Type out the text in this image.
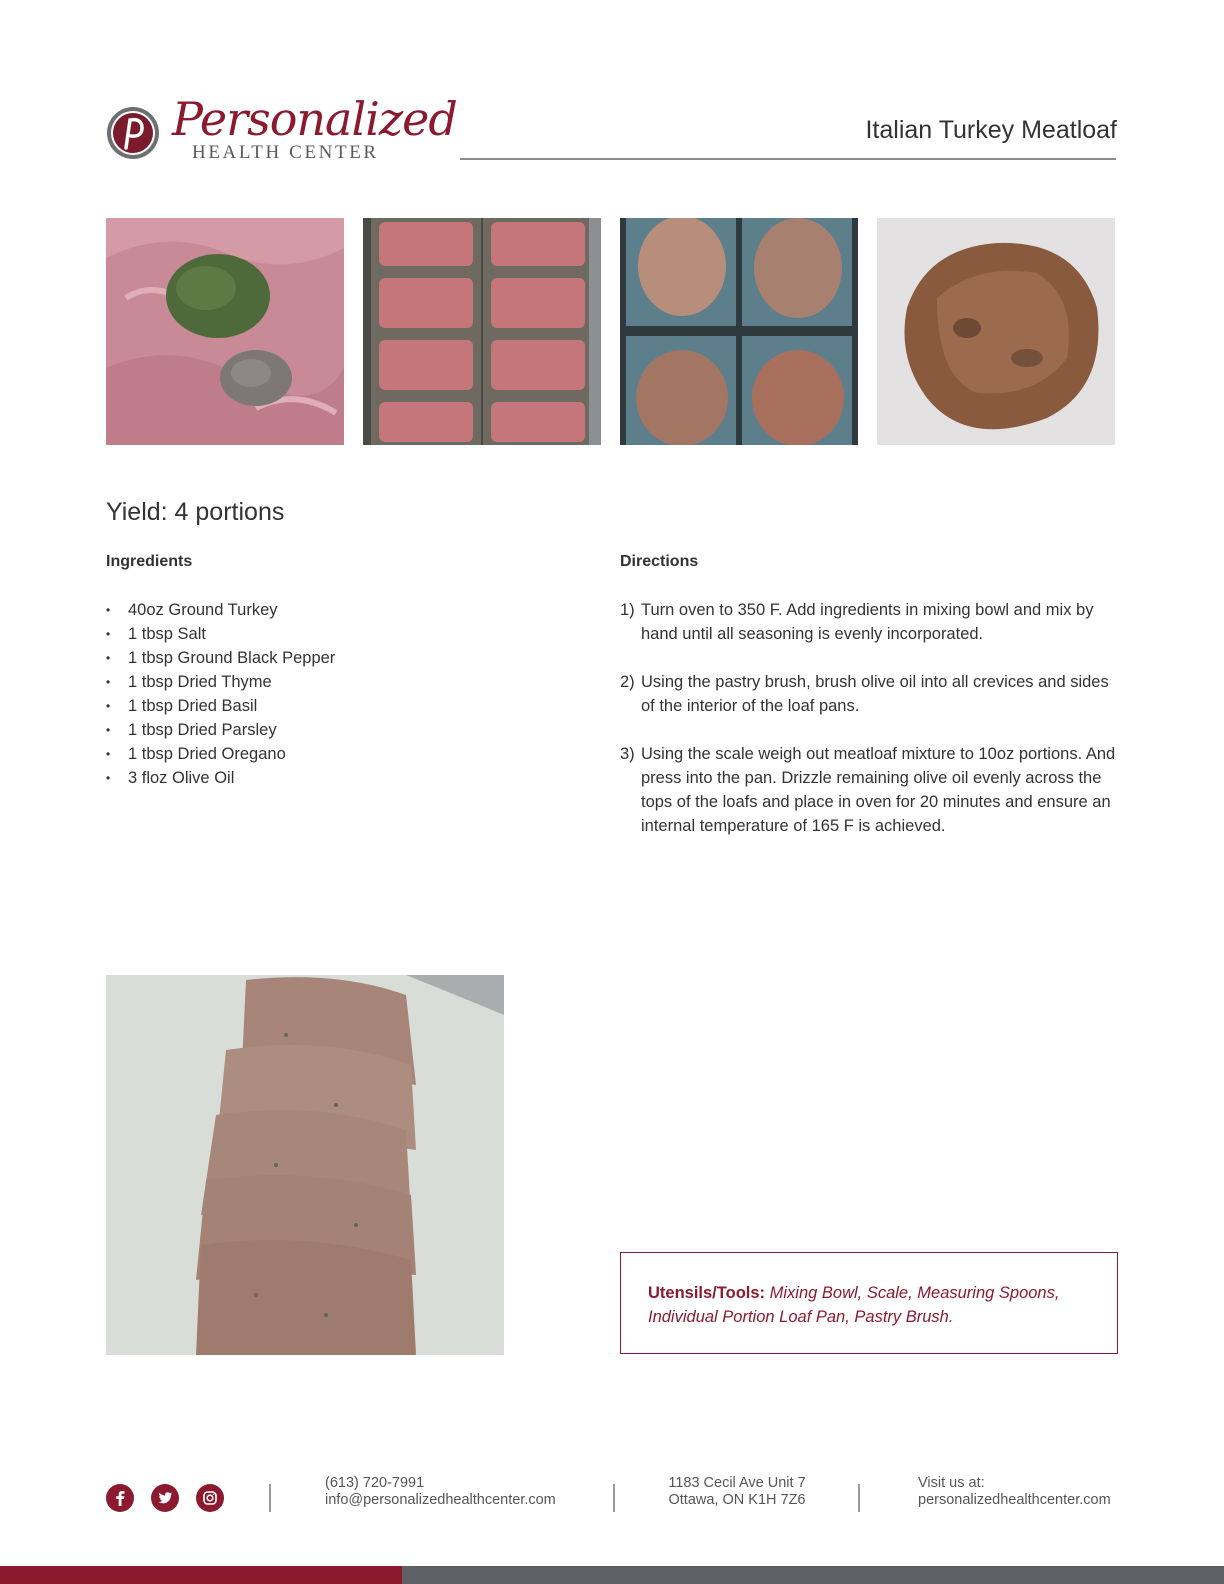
Personalized
HEALTH CENTER
Italian Turkey Meatloaf
Yield: 4 portions
Ingredients
• 40oz Ground Turkey
• 1 tbsp Salt
• 1 tbsp Ground Black Pepper
• 1 tbsp Dried Thyme
• 1 tbsp Dried Basil
• 1 tbsp Dried Parsley
• 1 tbsp Dried Oregano
• 3 floz Olive Oil
Directions
1) Turn oven to 350 F. Add ingredients in mixing bowl and mix by hand until all seasoning is evenly incorporated.
2) Using the pastry brush, brush olive oil into all crevices and sides of the interior of the loaf pans.
3) Using the scale weigh out meatloaf mixture to 10oz portions. And press into the pan. Drizzle remaining olive oil evenly across the tops of the loafs and place in oven for 20 minutes and ensure an internal temperature of 165 F is achieved.
Utensils/Tools: Mixing Bowl, Scale, Measuring Spoons, Individual Portion Loaf Pan, Pastry Brush.
(613) 720-7991
info@personalizedhealthcenter.com
1183 Cecil Ave Unit 7
Ottawa, ON K1H 7Z6
Visit us at:
personalizedhealthcenter.com
